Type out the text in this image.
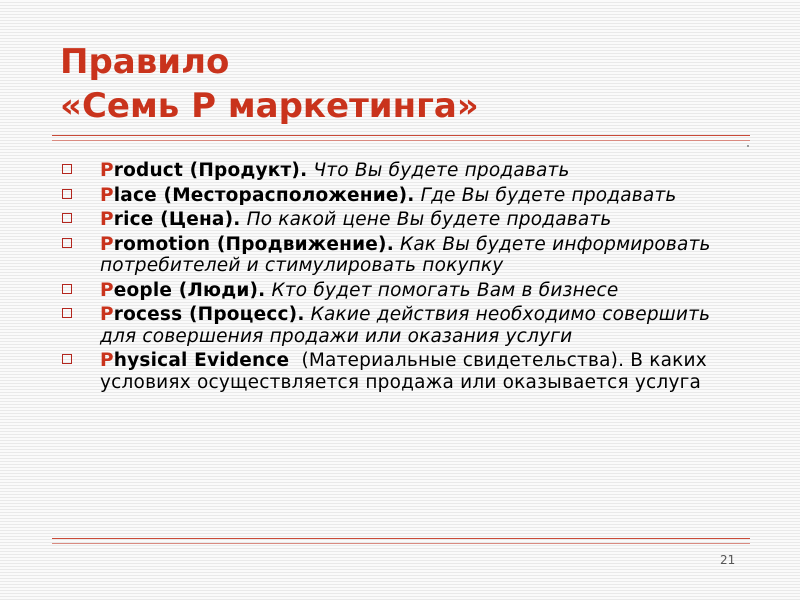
Правило
«Семь Р маркетинга»
Product (Продукт). Что Вы будете продавать
Place (Месторасположение). Где Вы будете продавать
Price (Цена). По какой цене Вы будете продавать
Promotion (Продвижение). Как Вы будете информировать потребителей и стимулировать покупку
People (Люди). Кто будет помогать Вам в бизнесе
Process (Процесс). Какие действия необходимо совершить для совершения продажи или оказания услуги
Physical Evidence  (Материальные свидетельства). В каких условиях осуществляется продажа или оказывается услуга
21
